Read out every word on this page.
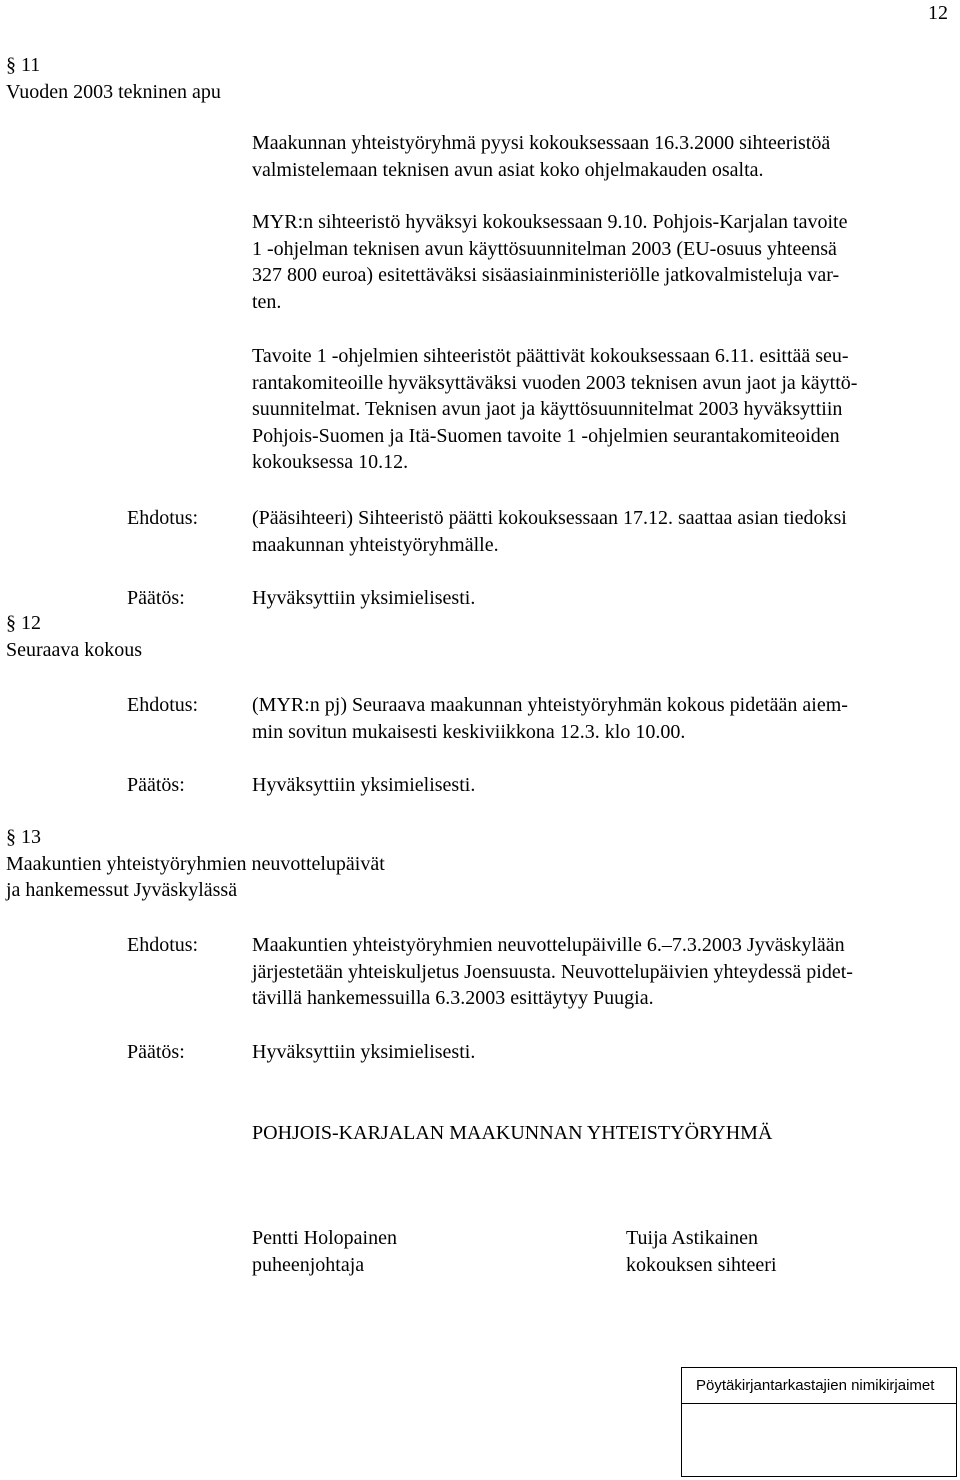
12
§ 11
Vuoden 2003 tekninen apu
Maakunnan yhteistyöryhmä pyysi kokouksessaan 16.3.2000 sihteeristöä
valmistelemaan teknisen avun asiat koko ohjelmakauden osalta.
MYR:n sihteeristö hyväksyi kokouksessaan 9.10. Pohjois-Karjalan tavoite
1 -ohjelman teknisen avun käyttösuunnitelman 2003 (EU-osuus yhteensä
327 800 euroa) esitettäväksi sisäasiainministeriölle jatkovalmisteluja var-
ten.
Tavoite 1 -ohjelmien sihteeristöt päättivät kokouksessaan 6.11. esittää seu-
rantakomiteoille hyväksyttäväksi vuoden 2003 teknisen avun jaot ja käyttö-
suunnitelmat. Teknisen avun jaot ja käyttösuunnitelmat 2003 hyväksyttiin
Pohjois-Suomen ja Itä-Suomen tavoite 1 -ohjelmien seurantakomiteoiden
kokouksessa 10.12.
Ehdotus:	(Pääsihteeri) Sihteeristö päätti kokouksessaan 17.12. saattaa asian tiedoksi
maakunnan yhteistyöryhmälle.
Päätös:	Hyväksyttiin yksimielisesti.
§ 12
Seuraava kokous
Ehdotus:	(MYR:n pj) Seuraava maakunnan yhteistyöryhmän kokous pidetään aiem-
min sovitun mukaisesti keskiviikkona 12.3. klo 10.00.
Päätös:	Hyväksyttiin yksimielisesti.
§ 13
Maakuntien yhteistyöryhmien neuvottelupäivät
ja hankemessut Jyväskylässä
Ehdotus:	Maakuntien yhteistyöryhmien neuvottelupäiville 6.–7.3.2003 Jyväskylään
järjestetään yhteiskuljetus Joensuusta. Neuvottelupäivien yhteydessä pidet-
tävillä hankemessuilla 6.3.2003 esittäytyy Puugia.
Päätös:	Hyväksyttiin yksimielisesti.
POHJOIS-KARJALAN MAAKUNNAN YHTEISTYÖRYHMÄ
Pentti Holopainen
puheenjohtaja
Tuija Astikainen
kokouksen sihteeri
Pöytäkirjantarkastajien nimikirjaimet
